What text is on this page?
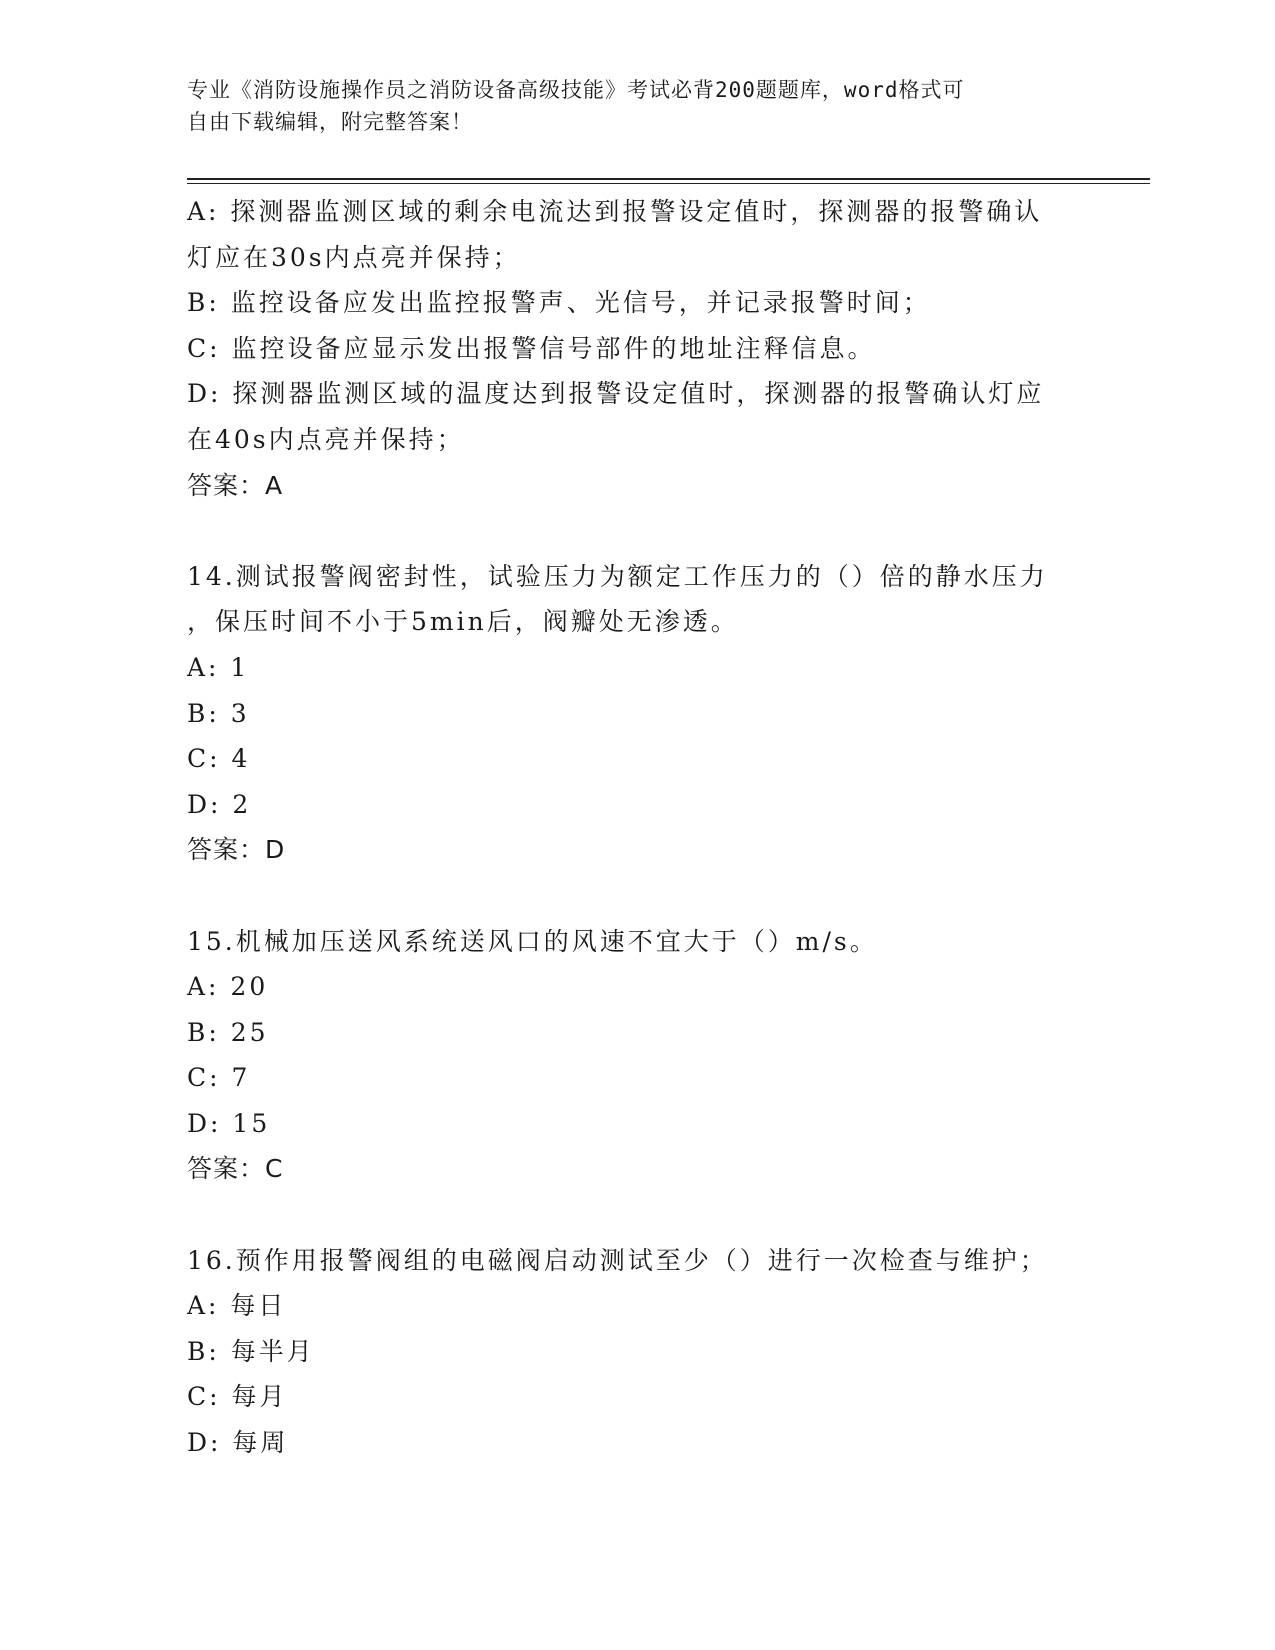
专业《消防设施操作员之消防设备高级技能》考试必背200题题库，word格式可
自由下载编辑，附完整答案！
A: 探测器监测区域的剩余电流达到报警设定值时，探测器的报警确认
灯应在30s内点亮并保持；
B: 监控设备应发出监控报警声、光信号，并记录报警时间；
C: 监控设备应显示发出报警信号部件的地址注释信息。
D: 探测器监测区域的温度达到报警设定值时，探测器的报警确认灯应
在40s内点亮并保持；
答案：A
14.测试报警阀密封性，试验压力为额定工作压力的（）倍的静水压力
，保压时间不小于5min后，阀瓣处无渗透。
A: 1
B: 3
C: 4
D: 2
答案：D
15.机械加压送风系统送风口的风速不宜大于（）m/s。
A: 20
B: 25
C: 7
D: 15
答案：C
16.预作用报警阀组的电磁阀启动测试至少（）进行一次检查与维护；
A: 每日
B: 每半月
C: 每月
D: 每周
